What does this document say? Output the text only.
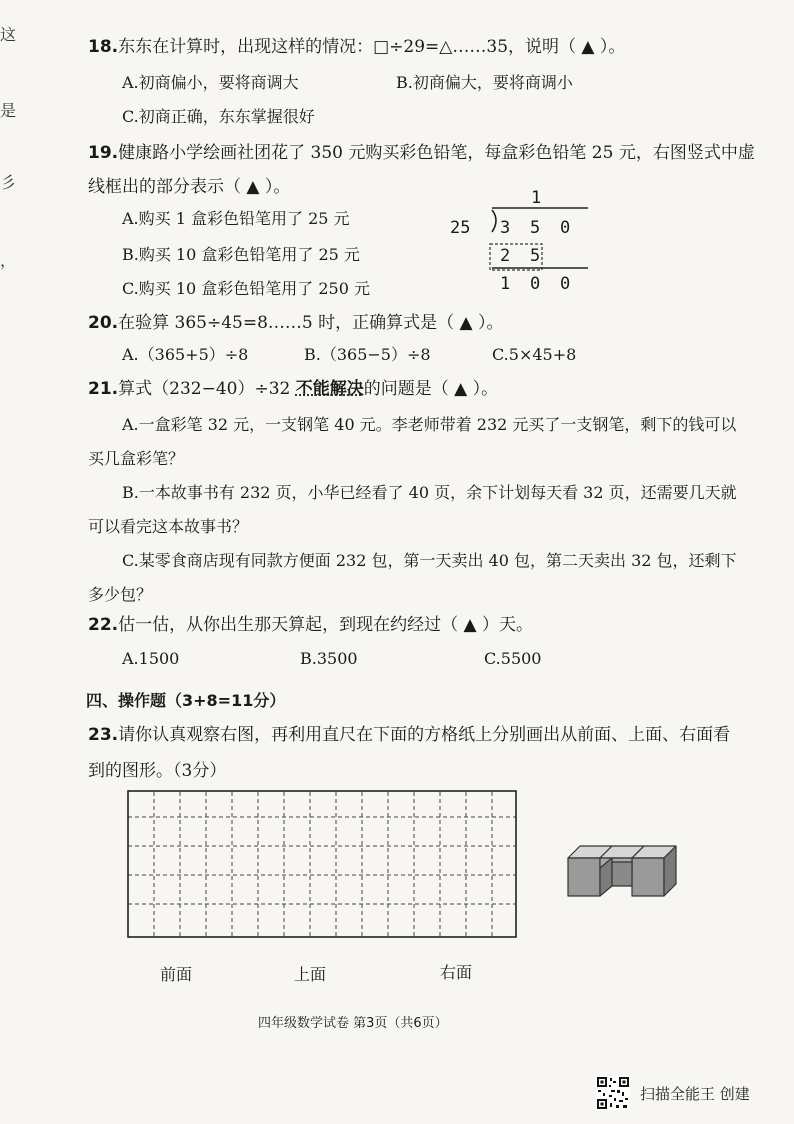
这
是
彡
，
18.东东在计算时，出现这样的情况：□÷29=△……35，说明（ ▲ ）。
A.初商偏小，要将商调大	B.初商偏大，要将商调小
C.初商正确，东东掌握很好
19.健康路小学绘画社团花了 350 元购买彩色铅笔，每盒彩色铅笔 25 元，右图竖式中虚
线框出的部分表示（ ▲ ）。
A.购买 1 盒彩色铅笔用了 25 元
B.购买 10 盒彩色铅笔用了 25 元
C.购买 10 盒彩色铅笔用了 250 元
1
25 3 5 0
2 5
1 0 0
20.在验算 365÷45=8……5 时，正确算式是（ ▲ ）。
A.（365+5）÷8	B.（365−5）÷8	C.5×45+8
21.算式（232−40）÷32 不能解决的问题是（ ▲ ）。
A.一盒彩笔 32 元，一支钢笔 40 元。李老师带着 232 元买了一支钢笔，剩下的钱可以买几盒彩笔？
B.一本故事书有 232 页，小华已经看了 40 页，余下计划每天看 32 页，还需要几天就可以看完这本故事书？
C.某零食商店现有同款方便面 232 包，第一天卖出 40 包，第二天卖出 32 包，还剩下多少包？
22.估一估，从你出生那天算起，到现在约经过（ ▲ ）天。
A.1500	B.3500	C.5500
四、操作题（3+8=11分）
23.请你认真观察右图，再利用直尺在下面的方格纸上分别画出从前面、上面、右面看
到的图形。（3分）
前面	上面	右面
四年级数学试卷 第3页（共6页）
扫描全能王 创建
